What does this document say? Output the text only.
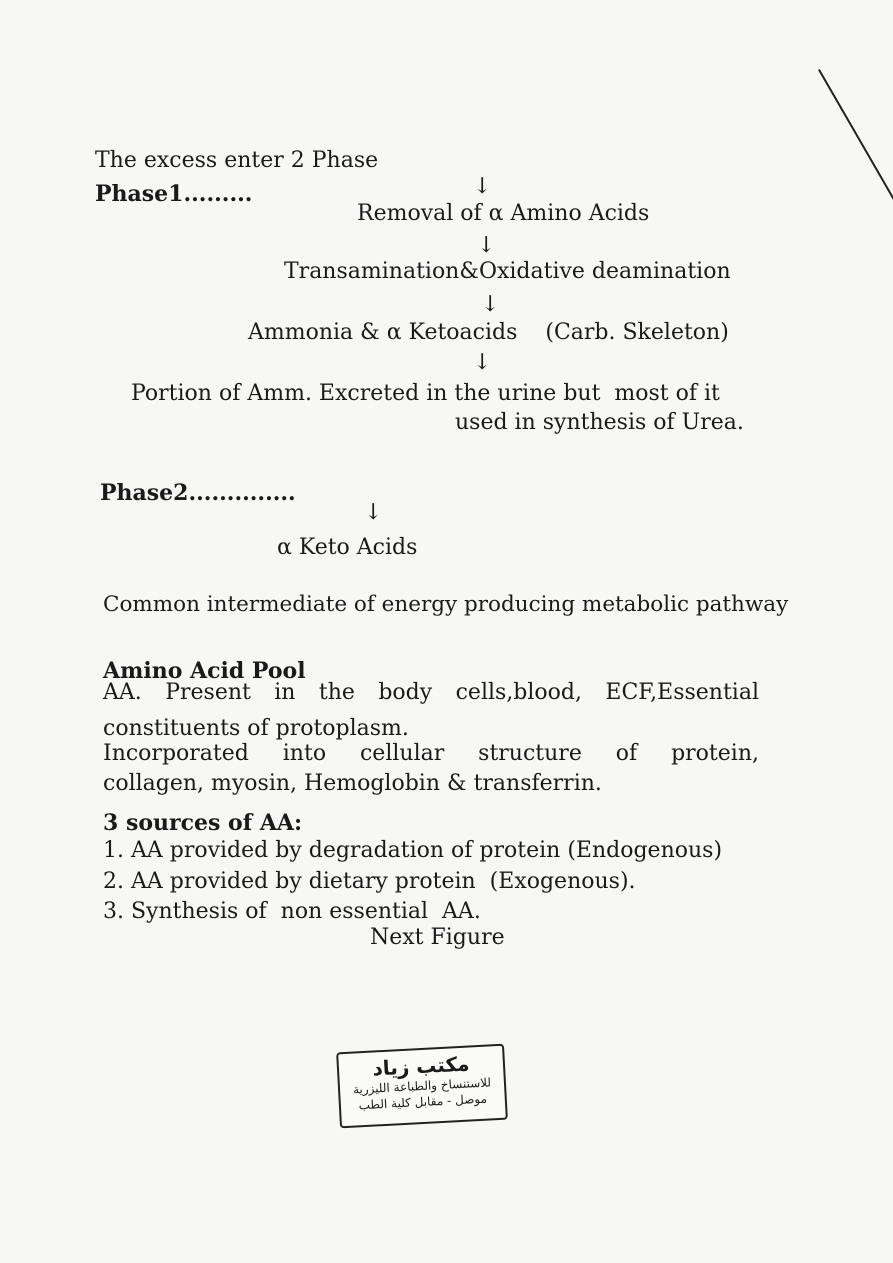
The excess enter 2 Phase
Phase1.........	↓
Removal of α Amino Acids
↓
Transamination&Oxidative deamination
↓
Ammonia & α Ketoacids    (Carb. Skeleton)
↓
Portion of Amm. Excreted in the urine but  most of it
used in synthesis of Urea.
Phase2..............
↓
α Keto Acids
Common intermediate of energy producing metabolic pathway
Amino Acid Pool
AA. Present in the body cells,blood, ECF,Essential
constituents of protoplasm.
Incorporated into cellular structure of protein,
collagen, myosin, Hemoglobin & transferrin.
3 sources of AA:
1. AA provided by degradation of protein (Endogenous)
2. AA provided by dietary protein  (Exogenous).
3. Synthesis of  non essential  AA.
Next Figure
مكتب زياد
للاستنساخ والطباعة الليزرية
موصل - مقابل كلية الطب
